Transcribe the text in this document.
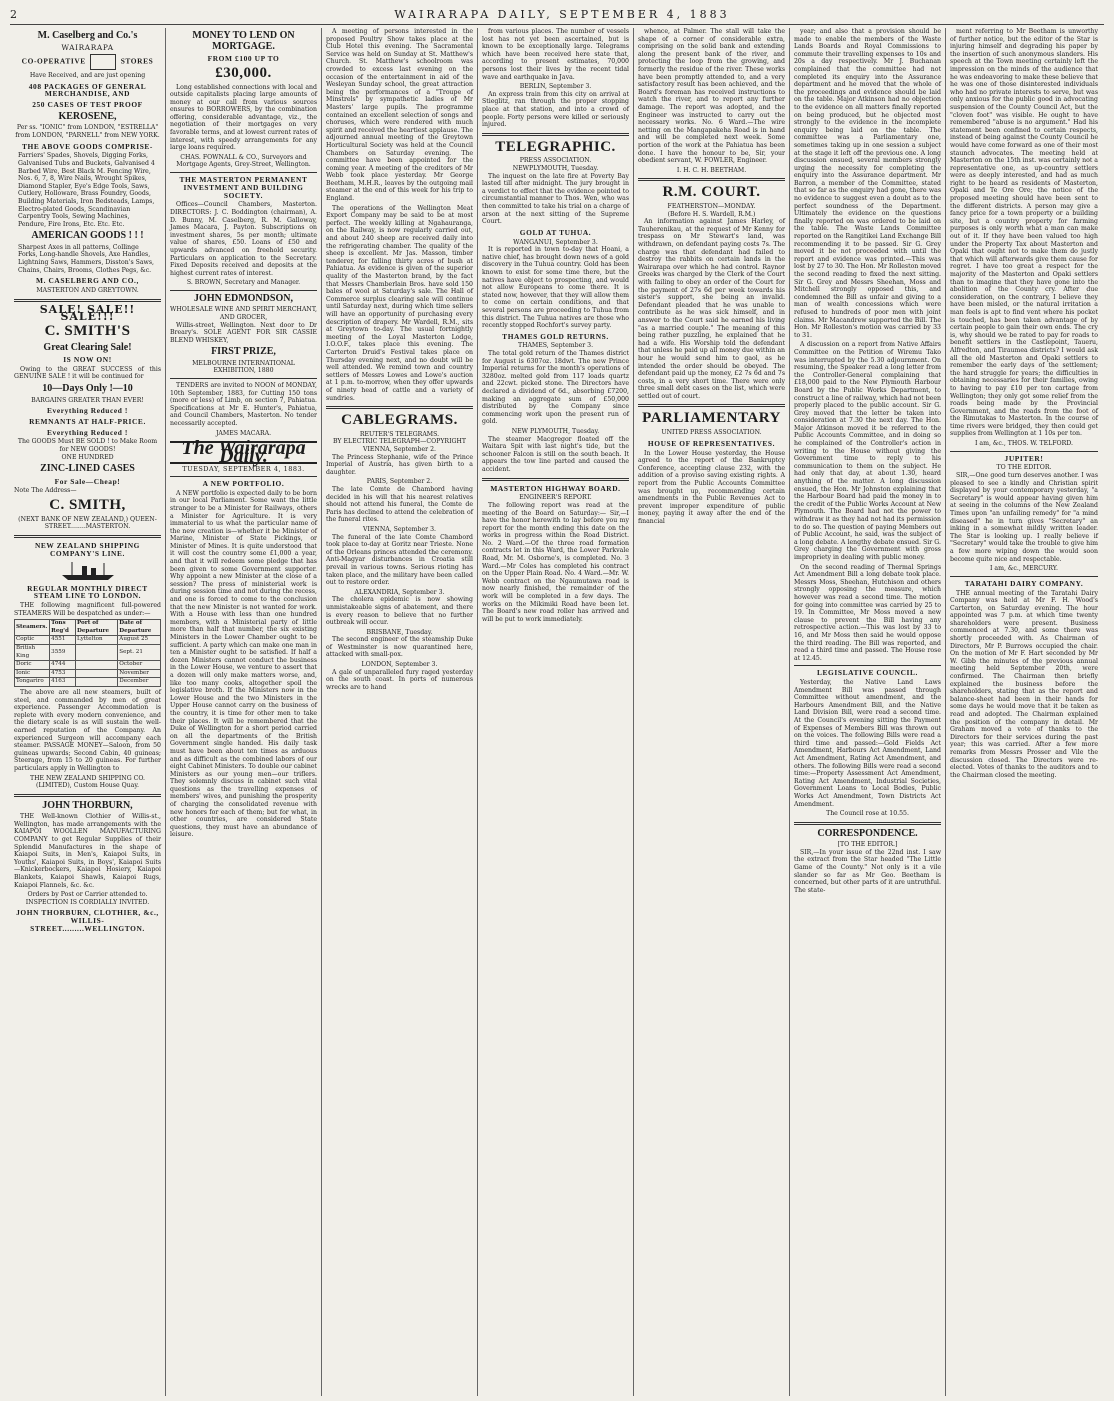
2	WAIRARAPA DAILY, SEPTEMBER 4, 1883
M. Caselberg and Co.'s
WAIRARAPA
CO-OPERATIVE	STORES
Have Received, and are just opening
408 PACKAGES OF GENERAL MERCHANDISE, AND
250 CASES OF TEST PROOF
KEROSENE,
Per ss. "IONIC" from LONDON, "ESTRELLA" from LONDON, "PARNELL" from NEW YORK.
THE ABOVE GOODS COMPRISE-
Farriers' Spades, Shovels, Digging Forks, Galvanised Tubs and Buckets, Galvanised 4 Barbed Wire, Best Black M. Fencing Wire, Nos. 6, 7, 8, Wire Nails, Wrought Spikes, Diamond Stapler, Eye's Edge Tools, Saws, Cutlery, Holloware, Brass Foundry, Goods, Building Materials, Iron Bedsteads, Lamps, Electro-plated Goods, Scandinavian Carpentry Tools, Sewing Machines, Pendure, Fire Irons, Etc. Etc. Etc.
AMERICAN GOODS ! ! !
Sharpest Axes in all patterns, Collinge Forks, Long-handle Shovels, Axe Handles, Lightning Saws, Hammers, Disston's Saws, Chains, Chairs, Brooms, Clothes Pegs, &c.
M. CASELBERG AND CO.,
MASTERTON AND GREYTOWN.
SALE! SALE!! SALE!!!
C. SMITH'S
Great Clearing Sale!
IS NOW ON!

Owing to the GREAT SUCCESS of this GENUINE SALE ! it will be continued for

10—Days Only !—10
BARGAINS GREATER THAN EVER!
Everything Reduced !
REMNANTS AT HALF-PRICE.
Everything Reduced !
The GOODS Must BE SOLD ! to Make Room for NEW GOODS!
ONE HUNDRED
ZINC-LINED CASES
For Sale—Cheap!
Note The Address—
C. SMITH,
(NEXT BANK OF NEW ZEALAND,) QUEEN-STREET........MASTERTON.
NEW ZEALAND SHIPPING COMPANY'S LINE.
REGULAR MONTHLY DIRECT STEAM LINE TO LONDON.

THE following magnificent full-powered STEAMERS Will be despatched as under:—

Steamers.	Tons Reg'd	Port of Departure	Date of Departure
Coptic	4551	Lyttelton	August 25
British King	3559		Sept. 21
Doric	4744		October
Ionic	4753		November
Tongariro	4163		December

The above are all new steamers, built of steel, and commanded by men of great experience. Passenger Accommodation is replete with every modern convenience, and the dietary scale is as will sustain the well-earned reputation of the Company. An experienced Surgeon will accompany each steamer. PASSAGE MONEY—Saloon, from 50 guineas upwards; Second Cabin, 40 guineas; Steerage, from 15 to 20 guineas. For further particulars apply in Wellington to

THE NEW ZEALAND SHIPPING CO. (LIMITED), Custom House Quay.
JOHN THORBURN,

THE Well-known Clothier of Willis-st., Wellington, has made arrangements with the KAIAPOI WOOLLEN MANUFACTURING COMPANY to get Regular Supplies of their Splendid Manufactures in the shape of Kaiapoi Suits, in Men's, Kaiapoi Suits, in Youths', Kaiapoi Suits, in Boys', Kaiapoi Suits—Knickerbockers, Kaiapoi Hosiery, Kaiapoi Blankets, Kaiapoi Shawls, Kaiapoi Rugs, Kaiapoi Flannels, &c. &c.

Orders by Post or Carrier attended to. INSPECTION IS CORDIALLY INVITED.
JOHN THORBURN, CLOTHIER, &c., WILLIS-STREET.........WELLINGTON.
MONEY TO LEND ON MORTGAGE.
FROM £100 UP TO
£30,000.

Long established connections with local and outside capitalists placing large amounts of money at our call from various sources ensures to BORROWERS, by the combination offering, considerable advantage, viz., the negotiation of their mortgages on very favorable terms, and at lowest current rates of interest, with speedy arrangements for any large loans required.

CHAS. FOWNALL & CO., Surveyors and Mortgage Agents, Grey-Street, Wellington.
THE MASTERTON PERMANENT INVESTMENT AND BUILDING SOCIETY.

Offices—Council Chambers, Masterton. DIRECTORS: J. C. Boddington (chairman), A. D. Bunny, M. Caselberg, R. M. Galloway, James Macara, J. Payton. Subscriptions on investment shares, 5s per month; ultimate value of shares, £50. Loans of £50 and upwards advanced on freehold security. Particulars on application to the Secretary. Fixed Deposits received and deposits at the highest current rates of interest.

S. BROWN, Secretary and Manager.
JOHN EDMONDSON,
WHOLESALE WINE AND SPIRIT MERCHANT, AND GROCER,

Willis-street, Wellington. Next door to Dr Breary's. SOLE AGENT FOR SIR CASSIE BLEND WHISKEY,

FIRST PRIZE,
MELBOURNE INTERNATIONAL EXHIBITION, 1880

TENDERS are invited to NOON of MONDAY, 10th September, 1883, for Cutting 150 tons (more or less) of Limb, on section 7, Pahiatua. Specifications at Mr E. Hunter's, Pahiatua, and Council Chambers, Masterton. No tender necessarily accepted.

JAMES MACARA.
The Wairarapa Daily.
TUESDAY, SEPTEMBER 4, 1883.
A NEW PORTFOLIO.

A NEW portfolio is expected daily to be born in our local Parliament. Some want the little stranger to be a Minister for Railways, others a Minister for Agriculture. It is very immaterial to us what the particular name of the new creation is—whether it be Minister of Marine, Minister of State Pickings, or Minister of Mines. It is quite understood that it will cost the country some £1,000 a year, and that it will redeem some pledge that has been given to some Government supporter. Why appoint a new Minister at the close of a session? The press of ministerial work is during session time and not during the recess, and one is forced to come to the conclusion that the new Minister is not wanted for work. With a House with less than one hundred members, with a Ministerial party of little more than half that number, the six existing Ministers in the Lower Chamber ought to be sufficient. A party which can make one man in ten a Minister ought to be satisfied. If half a dozen Ministers cannot conduct the business in the Lower House, we venture to assert that a dozen will only make matters worse, and, like too many cooks, altogether spoil the legislative broth. If the Ministers now in the Lower House and the two Ministers in the Upper House cannot carry on the business of the country, it is time for other men to take their places. It will be remembered that the Duke of Wellington for a short period carried on all the departments of the British Government single handed. His daily task must have been about ten times as arduous and as difficult as the combined labors of our eight Cabinet Ministers. To double our cabinet Ministers as our young men—our triflers. They solemnly discuss in cabinet such vital questions as the travelling expenses of members' wives, and punishing the prosperity of charging the consolidated revenue with new honors for each of them; but for what, in other countries, are considered State questions, they must have an abundance of leisure.

A meeting of persons interested in the proposed Poultry Show takes place at the Club Hotel this evening. The Sacramental Service was held on Sunday at St. Matthew's Church. St. Matthew's schoolroom was crowded to excess last evening on the occasion of the entertainment in aid of the Wesleyan Sunday school, the great attraction being the performances of a "Troupe of Minstrels" by sympathetic ladies of Mr Masters' large pupils. The programme contained an excellent selection of songs and choruses, which were rendered with much spirit and received the heartiest applause. The adjourned annual meeting of the Greytown Horticultural Society was held at the Council Chambers on Saturday evening. The committee have been appointed for the coming year. A meeting of the creditors of Mr Webb took place yesterday. Mr George Beetham, M.H.R., leaves by the outgoing mail steamer at the end of this week for his trip to England.

The operations of the Wellington Meat Export Company may be said to be at most perfect. The weekly killing at Ngahauranga, on the Railway, is now regularly carried out, and about 240 sheep are received daily into the refrigerating chamber. The quality of the sheep is excellent. Mr Jas. Masson, timber tenderer, for falling thirty acres of bush at Pahiatua. As evidence is given of the superior quality of the Masterton brand, by the fact that Messrs Chamberlain Bros. have sold 150 bales of wool at Saturday's sale. The Hall of Commerce surplus clearing sale will continue until Saturday next, during which time sellers will have an opportunity of purchasing every description of drapery. Mr Wardell, R.M., sits at Greytown to-day. The usual fortnightly meeting of the Loyal Masterton Lodge, I.O.O.F., takes place this evening. The Carterton Druid's Festival takes place on Thursday evening next, and no doubt will be well attended. We remind town and country settlers of Messrs Lowes and Lowe's auction at 1 p.m. to-morrow, when they offer upwards of ninety head of cattle and a variety of sundries.

CABLEGRAMS.
REUTER'S TELEGRAMS.
BY ELECTRIC TELEGRAPH—COPYRIGHT
VIENNA, September 2.

The Princess Stephanie, wife of the Prince Imperial of Austria, has given birth to a daughter.

PARIS, September 2.

The late Comte de Chambord having decided in his will that his nearest relatives should not attend his funeral, the Comte de Paris has declined to attend the celebration of the funeral rites.

VIENNA, September 3.

The funeral of the late Comte Chambord took place to-day at Goritz near Trieste. None of the Orleans princes attended the ceremony. Anti-Magyar disturbances in Croatia still prevail in various towns. Serious rioting has taken place, and the military have been called out to restore order.

ALEXANDRIA, September 3.

The cholera epidemic is now showing unmistakeable signs of abatement, and there is every reason to believe that no further outbreak will occur.

BRISBANE, Tuesday.

The second engineer of the steamship Duke of Westminster is now quarantined here, attacked with small-pox.

LONDON, September 3.

A gale of unparalleled fury raged yesterday on the south coast. In ports of numerous wrecks are to hand

from various places. The number of vessels lost has not yet been ascertained, but is known to be exceptionally large. Telegrams which have been received here state that, according to present estimates, 70,000 persons lost their lives by the recent tidal wave and earthquake in Java.

BERLIN, September 3.

An express train from this city on arrival at Stieglitz, ran through the proper stopping place at that station, and into a crowd of people. Forty persons were killed or seriously injured.

TELEGRAPHIC.
PRESS ASSOCIATION.
NEWPLYMOUTH, Tuesday.

The inquest on the late fire at Poverty Bay lasted till after midnight. The jury brought in a verdict to effect that the evidence pointed to circumstantial manner to Thos. Wen, who was then committed to take his trial on a charge of arson at the next sitting of the Supreme Court.

GOLD AT TUHUA.
WANGANUI, September 3.

It is reported in town to-day that Hoani, a native chief, has brought down news of a gold discovery in the Tuhua country. Gold has been known to exist for some time there, but the natives have object to prospecting, and would not allow Europeans to come there. It is stated now, however, that they will allow them to come on certain conditions, and that several persons are proceeding to Tuhua from this district. The Tuhua natives are those who recently stopped Rochfort's survey party.

THAMES GOLD RETURNS.
THAMES, September 3.

The total gold return of the Thames district for August is 6307oz. 18dwt. The new Prince Imperial returns for the month's operations of 3280oz. melted gold from 117 loads quartz and 22cwt. picked stone. The Directors have declared a dividend of 6d., absorbing £7200, making an aggregate sum of £50,000 distributed by the Company since commencing work upon the present run of gold.

NEW PLYMOUTH, Tuesday.

The steamer Macgregor floated off the Waitara Spit with last night's tide, but the schooner Falcon is still on the south beach. It appears the tow line parted and caused the accident.

MASTERTON HIGHWAY BOARD.
ENGINEER'S REPORT.

The following report was read at the meeting of the Board on Saturday:— Sir,—I have the honor herewith to lay before you my report for the month ending this date on the works in progress within the Road District. No. 2 Ward.—Of the three road formation contracts let in this Ward, the Lower Parkvale Road, Mr. M. Osborne's, is completed. No. 3 Ward.—Mr Coles has completed his contract on the Upper Plain Road. No. 4 Ward.—Mr. W. Webb contract on the Ngaumutawa road is now nearly finished, the remainder of the work will be completed in a few days. The works on the Mikimiki Road have been let. The Board's new road roller has arrived and will be put to work immediately.

whence, at Palmer. The stall will take the shape of a corner of considerable extra, comprising on the solid bank and extending along the present bank of the river, and protecting the loop from the growing, and formerly the residue of the river. These works have been promptly attended to, and a very satisfactory result has been achieved, and the Board's foreman has received instructions to watch the river, and to report any further damage. The report was adopted, and the Engineer was instructed to carry out the necessary works. No. 6 Ward.—The wire netting on the Mangapakeha Road is in hand and will be completed next week. Some portion of the work at the Pahiatua has been done. I have the honour to be, Sir, your obedient servant, W. FOWLER, Engineer.

I. H. C. H. BEETHAM.
R.M. COURT.
FEATHERSTON—MONDAY.
(Before H. S. Wardell, R.M.)

An information against James Harley, of Tauherenikau, at the request of Mr Kenny for trespass on Mr Stewart's land, was withdrawn, on defendant paying costs 7s. The charge was that defendant had failed to destroy the rabbits on certain lands in the Wairarapa over which he had control. Raynor Greeks was charged by the Clerk of the Court with failing to obey an order of the Court for the payment of 27s 6d per week towards his sister's support, she being an invalid. Defendant pleaded that he was unable to contribute as he was sick himself, and in answer to the Court said he earned his living "as a married couple." The meaning of this being rather puzzling, he explained that he had a wife. His Worship told the defendant that unless he paid up all money due within an hour he would send him to gaol, as he intended the order should be obeyed. The defendant paid up the money, £2 7s 6d and 7s costs, in a very short time. There were only three small debt cases on the list, which were settled out of court.

PARLIAMENTARY
UNITED PRESS ASSOCIATION.
HOUSE OF REPRESENTATIVES.

In the Lower House yesterday, the House agreed to the report of the Bankruptcy Conference, accepting clause 232, with the addition of a proviso saving existing rights. A report from the Public Accounts Committee was brought up, recommending certain amendments in the Public Revenues Act to prevent improper expenditure of public money, paying it away after the end of the financial

year; and also that a provision should be made to enable the members of the Waste Lands Boards and Royal Commissions to commute their travelling expenses to 10s and 20s a day respectively. Mr J. Buchanan complained that the committee had not completed its enquiry into the Assurance department and he moved that the whole of the proceedings and evidence should be laid on the table. Major Atkinson had no objection to the evidence on all matters finally reported on being produced, but he objected most strongly to the evidence in the incomplete enquiry being laid on the table. The committee was a Parliamentary one, sometimes taking up in one session a subject at the stage it left off the previous one. A long discussion ensued, several members strongly urging the necessity for completing the enquiry into the Assurance department. Mr Barron, a member of the Committee, stated that so far as the enquiry had gone, there was no evidence to suggest even a doubt as to the perfect soundness of the Department. Ultimately the evidence on the questions finally reported on was ordered to be laid on the table. The Waste Lands Committee reported on the Rangitikei Land Exchange Bill recommending it to be passed. Sir G. Grey moved it be not proceeded with until the report and evidence was printed.—This was lost by 27 to 30. The Hon. Mr Rolleston moved the second reading to fixed the next sitting. Sir G. Grey and Messrs Sheehan, Moss and Mitchell strongly opposed this, and condemned the Bill as unfair and giving to a man of wealth concessions which were refused to hundreds of poor men with joint claims. Mr Macandrew supported the Bill. The Hon. Mr Rolleston's motion was carried by 33 to 31.

A discussion on a report from Native Affairs Committee on the Petition of Wiremu Tako was interrupted by the 5.30 adjournment. On resuming, the Speaker read a long letter from the Controller-General complaining that £18,000 paid to the New Plymouth Harbour Board by the Public Works Department, to construct a line of railway, which had not been properly placed to the public account. Sir G. Grey moved that the letter be taken into consideration at 7.30 the next day. The Hon. Major Atkinson moved it be referred to the Public Accounts Committee, and in doing so he complained of the Controller's action in writing to the House without giving the Government time to reply to his communication to them on the subject. He had only that day, at about 1.30, heard anything of the matter. A long discussion ensued, the Hon. Mr Johnston explaining that the Harbour Board had paid the money in to the credit of the Public Works Account at New Plymouth. The Board had not the power to withdraw it as they had not had its permission to do so. The question of paying Members out of Public Account, he said, was the subject of a long debate. A lengthy debate ensued. Sir G. Grey charging the Government with gross impropriety in dealing with public money.

On the second reading of Thermal Springs Act Amendment Bill a long debate took place. Messrs Moss, Sheehan, Hutchison and others strongly opposing the measure, which however was read a second time. The motion for going into committee was carried by 25 to 19. In Committee, Mr Moss moved a new clause to prevent the Bill having any retrospective action.—This was lost by 33 to 16, and Mr Moss then said he would oppose the third reading. The Bill was reported, and read a third time and passed. The House rose at 12.45.

LEGISLATIVE COUNCIL.

Yesterday, the Native Land Laws Amendment Bill was passed through Committee without amendment, and the Harbours Amendment Bill, and the Native Land Division Bill, were read a second time. At the Council's evening sitting the Payment of Expenses of Members Bill was thrown out on the voices. The following Bills were read a third time and passed:—Gold Fields Act Amendment, Harbours Act Amendment, Land Act Amendment, Rating Act Amendment, and others. The following Bills were read a second time:—Property Assessment Act Amendment, Rating Act Amendment, Industrial Societies, Government Loans to Local Bodies, Public Works Act Amendment, Town Districts Act Amendment.

The Council rose at 10.55.
CORRESPONDENCE.
[TO THE EDITOR.]

SIR,—In your issue of the 22nd inst. I saw the extract from the Star headed "The Little Game of the County." Not only is it a vile slander so far as Mr Geo. Beetham is concerned, but other parts of it are untruthful. The state-

ment referring to Mr Beetham is unworthy of further notice, but the editor of the Star is injuring himself and degrading his paper by the insertion of such anonymous slanders. His speech at the Town meeting certainly left the impression on the minds of the audience that he was endeavoring to make these believe that he was one of those disinterested individuals who had no private interests to serve, but was only anxious for the public good in advocating suspension of the County Council Act, but the "cloven foot" was visible. He ought to have remembered "abuse is no argument." Had his statement been confined to certain respects, instead of being against the County Council he would have come forward as one of their most staunch advocates. The meeting held at Masterton on the 15th inst. was certainly not a representative one, as up-country settlers were as deeply interested, and had as much right to be heard as residents of Masterton, Opaki and Te Ore Ore; the notice of the proposed meeting should have been sent to the different districts. A person may give a fancy price for a town property or a building site, but a country property for farming purposes is only worth what a man can make out of it. If they have been valued too high under the Property Tax about Masterton and Opaki that ought not to make them do justly that which will afterwards give them cause for regret. I have too great a respect for the majority of the Masterton and Opaki settlers than to imagine that they have gone into the abolition of the County cry. After due consideration, on the contrary, I believe they have been misled, or the natural irritation a man feels is apt to find vent where his pocket is touched, has been taken advantage of by certain people to gain their own ends. The cry is, why should we be rated to pay for roads to benefit settlers in the Castlepoint, Taueru, Alfredton, and Tiraumea districts? I would ask all the old Masterton and Opaki settlers to remember the early days of the settlement; the hard struggle for years; the difficulties in obtaining necessaries for their families, owing to having to pay £10 per ton cartage from Wellington; they only got some relief from the roads being made by the Provincial Government, and the roads from the foot of the Rimutakas to Masterton. In the course of time rivers were bridged, they then could get supplies from Wellington at 1 10s per ton.

I am, &c., THOS. W. TELFORD.
JUPITER!
TO THE EDITOR.

SIR,—One good turn deserves another. I was pleased to see a kindly and Christian spirit displayed by your contemporary yesterday, "a Secretary" is would appear having given him at seeing in the columns of the New Zealand Times upon "an unfailing remedy" for "a mind diseased" he in turn gives "Secretary" an inking in a somewhat mildly written leader. The Star is looking up. I really believe if "Secretary" would take the trouble to give him a few more wiping down the would soon become quite nice and respectable.

I am, &c., MERCURY.
TARATAHI DAIRY COMPANY.

THE annual meeting of the Taratahi Dairy Company was held at Mr F. H. Wood's Carterton, on Saturday evening. The hour appointed was 7 p.m. at which time twenty shareholders were present. Business commenced at 7.30, and some there was shortly proceeded with. As Chairman of Directors, Mr P. Burrows occupied the chair. On the motion of Mr F. Hart seconded by Mr W. Gibb the minutes of the previous annual meeting held September 20th, were confirmed. The Chairman then briefly explained the business before the shareholders, stating that as the report and balance-sheet had been in their hands for some days he would move that it be taken as read and adopted. The Chairman explained the position of the company in detail. Mr Graham moved a vote of thanks to the Directors for their services during the past year; this was carried. After a few more remarks from Messrs Prosser and Vile the discussion closed. The Directors were re-elected. Votes of thanks to the auditors and to the Chairman closed the meeting.
